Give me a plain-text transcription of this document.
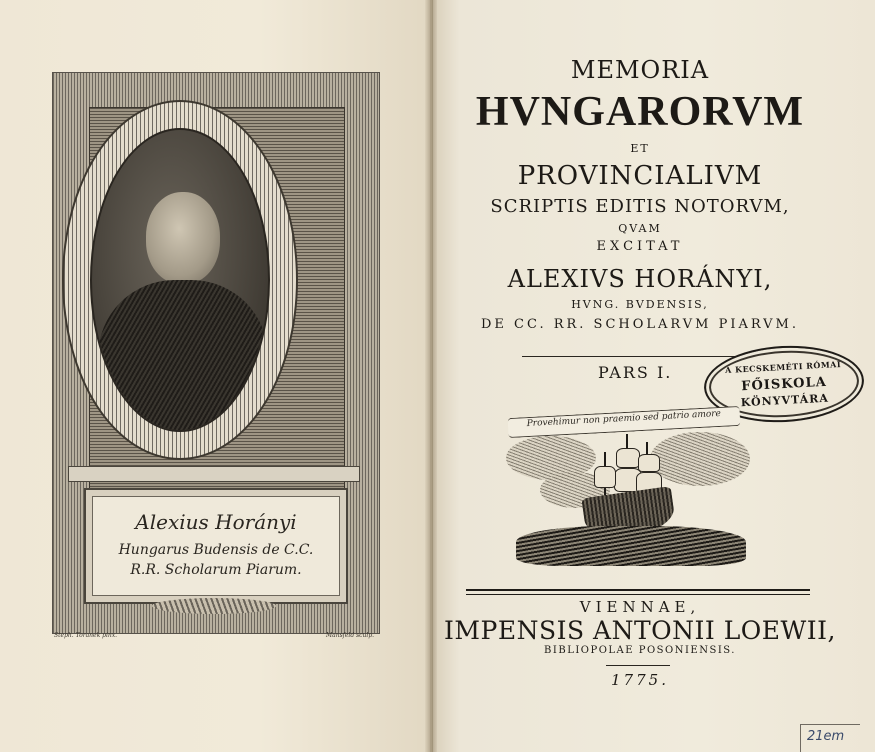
Alexius Horányi
Hungarus Budensis de C.C.
R.R. Scholarum Piarum.
Steph. Toranek pinx.	Mansfeld sculp.
MEMORIA
HVNGARORVM
ET
PROVINCIALIVM
SCRIPTIS EDITIS NOTORVM,
QVAM
EXCITAT
ALEXIVS HORÁNYI,
HVNG. BVDENSIS,
DE CC. RR. SCHOLARVM PIARVM.
PARS I.	A KECSKEMÉTI RÓMAI
FŐISKOLA
KÖNYVTÁRA
Provehimur non praemio sed patrio amore
VIENNAE,
IMPENSIS ANTONII LOEWII,
BIBLIOPOLAE POSONIENSIS.
1775.
21em
